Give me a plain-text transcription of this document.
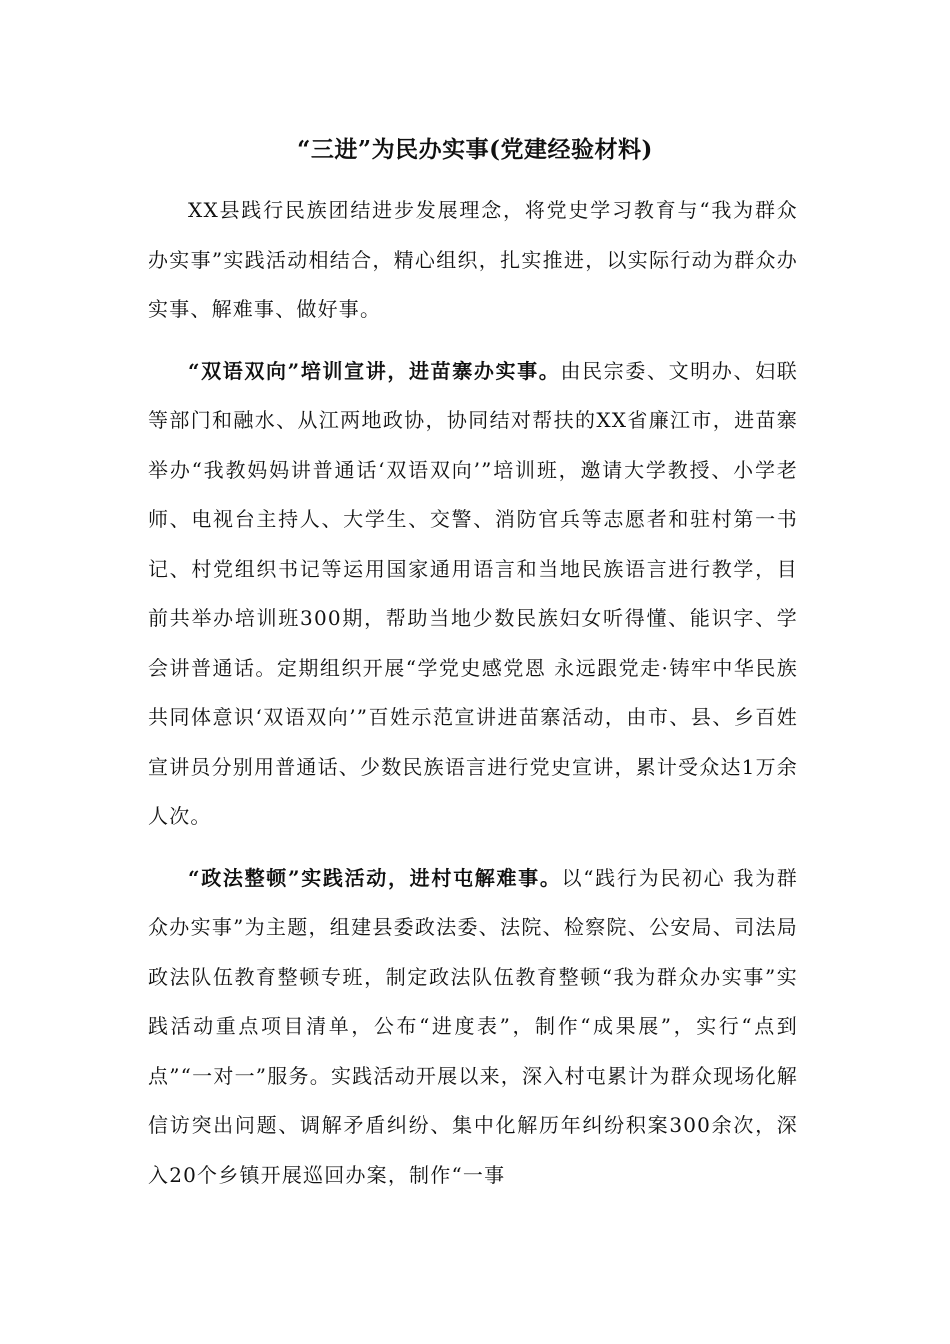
“三进”为民办实事(党建经验材料)

XX县践行民族团结进步发展理念，将党史学习教育与“我为群众办实事”实践活动相结合，精心组织，扎实推进，以实际行动为群众办实事、解难事、做好事。

“双语双向”培训宣讲，进苗寨办实事。由民宗委、文明办、妇联等部门和融水、从江两地政协，协同结对帮扶的XX省廉江市，进苗寨举办“我教妈妈讲普通话‘双语双向’”培训班，邀请大学教授、小学老师、电视台主持人、大学生、交警、消防官兵等志愿者和驻村第一书记、村党组织书记等运用国家通用语言和当地民族语言进行教学，目前共举办培训班300期，帮助当地少数民族妇女听得懂、能识字、学会讲普通话。定期组织开展“学党史感党恩 永远跟党走·铸牢中华民族共同体意识‘双语双向’”百姓示范宣讲进苗寨活动，由市、县、乡百姓宣讲员分别用普通话、少数民族语言进行党史宣讲，累计受众达1万余人次。

“政法整顿”实践活动，进村屯解难事。以“践行为民初心 我为群众办实事”为主题，组建县委政法委、法院、检察院、公安局、司法局政法队伍教育整顿专班，制定政法队伍教育整顿“我为群众办实事”实践活动重点项目清单，公布“进度表”，制作“成果展”，实行“点到点”“一对一”服务。实践活动开展以来，深入村屯累计为群众现场化解信访突出问题、调解矛盾纠纷、集中化解历年纠纷积案300余次，深入20个乡镇开展巡回办案，制作“一事
